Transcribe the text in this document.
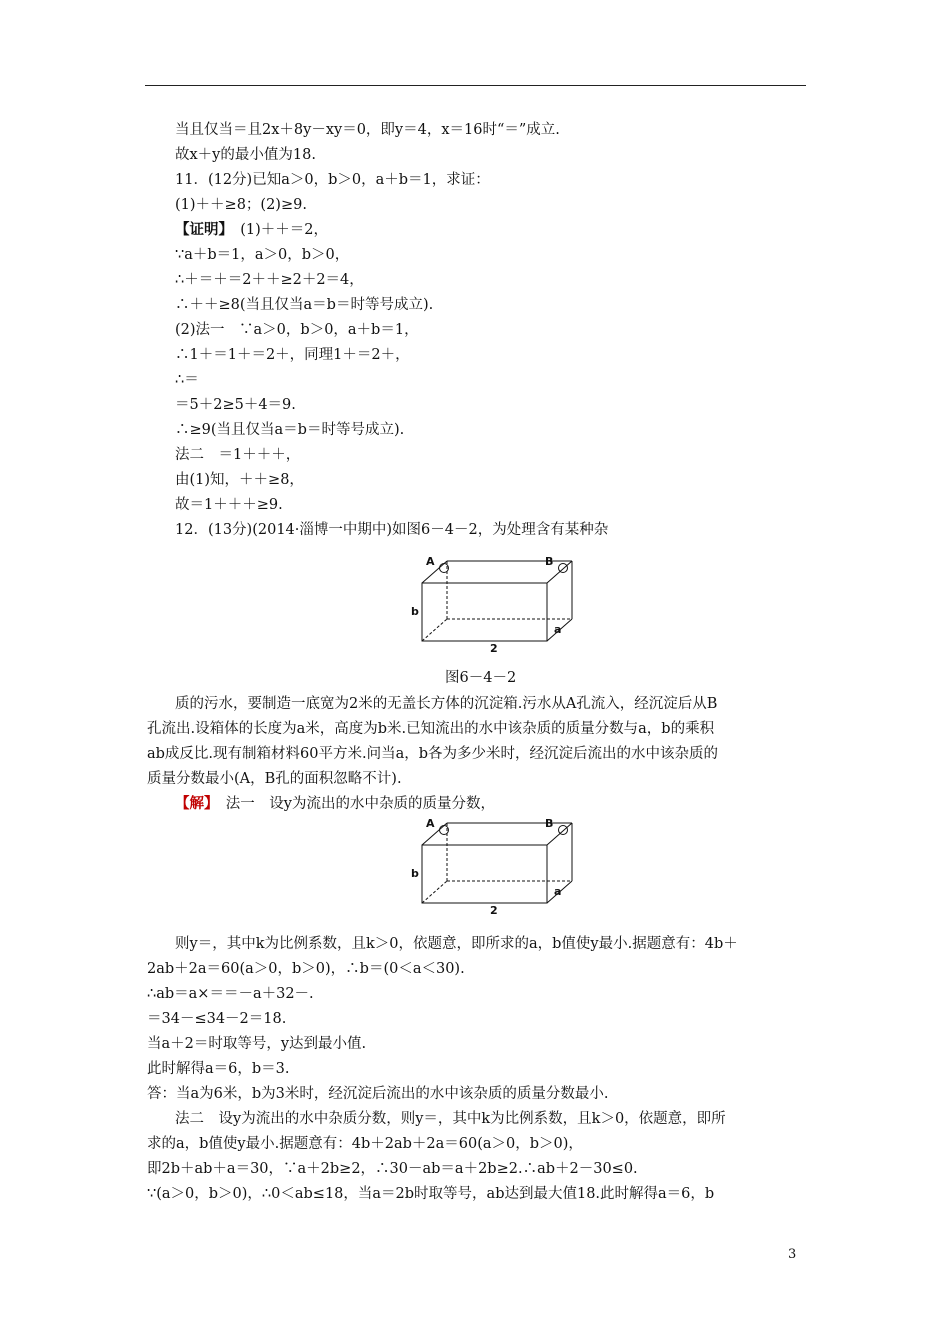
当且仅当＝且2x＋8y－xy＝0，即y＝4，x＝16时“＝”成立.
故x＋y的最小值为18.
11．(12分)已知a＞0，b＞0，a＋b＝1，求证：
(1)＋＋≥8；(2)≥9.
【证明】　(1)＋＋＝2，
∵a＋b＝1，a＞0，b＞0，
∴＋＝＋＝2＋＋≥2＋2＝4，
∴＋＋≥8(当且仅当a＝b＝时等号成立).
(2)法一　∵a＞0，b＞0，a＋b＝1，
∴1＋＝1＋＝2＋，同理1＋＝2＋，
∴＝
＝5＋2≥5＋4＝9.
∴≥9(当且仅当a＝b＝时等号成立).
法二　＝1＋＋＋，
由(1)知，＋＋≥8，
故＝1＋＋＋≥9.
12．(13分)(2014·淄博一中期中)如图6－4－2，为处理含有某种杂
A	B
b
a
2
图6－4－2
质的污水，要制造一底宽为2米的无盖长方体的沉淀箱.污水从A孔流入，经沉淀后从B
孔流出.设箱体的长度为a米，高度为b米.已知流出的水中该杂质的质量分数与a，b的乘积
ab成反比.现有制箱材料60平方米.问当a，b各为多少米时，经沉淀后流出的水中该杂质的
质量分数最小(A，B孔的面积忽略不计).
【解】　法一　设y为流出的水中杂质的质量分数，
A	B
b
a
2
则y＝，其中k为比例系数，且k＞0，依题意，即所求的a，b值使y最小.据题意有：4b＋
2ab＋2a＝60(a＞0，b＞0)，∴b＝(0＜a＜30).
∴ab＝a×＝＝－a＋32－.
＝34－≤34－2＝18.
当a＋2＝时取等号，y达到最小值.
此时解得a＝6，b＝3.
答：当a为6米，b为3米时，经沉淀后流出的水中该杂质的质量分数最小.
法二　设y为流出的水中杂质分数，则y＝，其中k为比例系数，且k＞0，依题意，即所
求的a，b值使y最小.据题意有：4b＋2ab＋2a＝60(a＞0，b＞0)，
即2b＋ab＋a＝30，∵a＋2b≥2，∴30－ab＝a＋2b≥2.∴ab＋2－30≤0.
∵(a＞0，b＞0)，∴0＜ab≤18，当a＝2b时取等号，ab达到最大值18.此时解得a＝6，b
3
